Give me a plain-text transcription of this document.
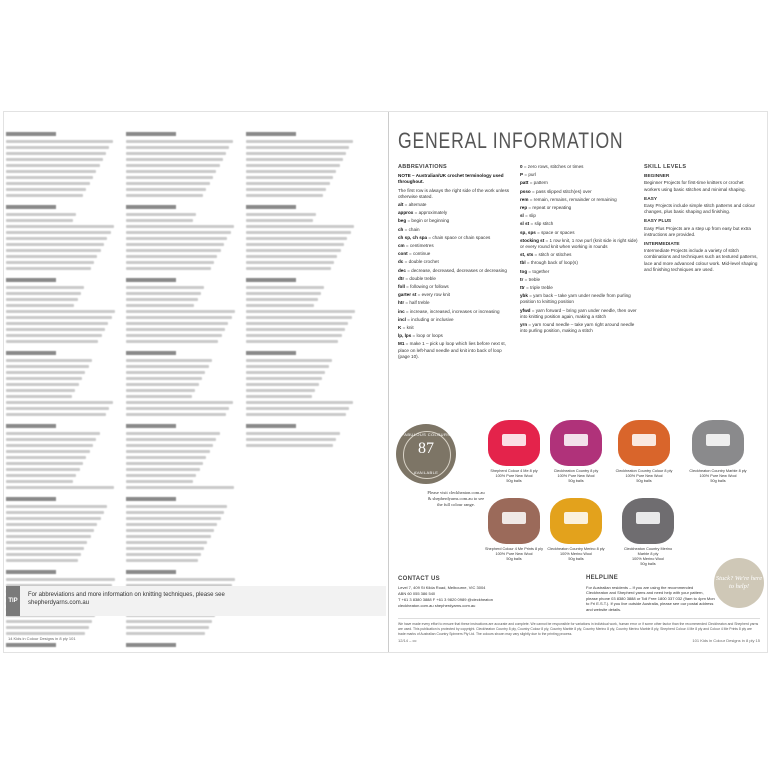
TIP
For abbreviations and more information on knitting techniques, please see shepherdyarns.com.au
14 Kids in Colour Designs in 8 ply 101
GENERAL INFORMATION
ABBREVIATIONS

NOTE – Australian/UK crochet terminology used throughout.

The first row is always the right side of the work unless otherwise stated.

alt = alternate

approx = approximately

beg = begin or beginning

ch = chain

ch sp, ch spa = chain space or chain spaces

cm = centimetres

cont = continue

dc = double crochet

dec = decrease, decreased, decreases or decreasing

dtr = double treble

foll = following or follows

garter st = every row knit

htr = half treble

inc = increase, increased, increases or increasing

incl = including or inclusive

K = knit

lp, lps = loop or loops

M1 = make 1 – pick up loop which lies before next st, place on left-hand needle and knit into back of loop (page 10).

0 = zero rows, stitches or times

P = purl

patt = pattern

psso = pass slipped stitch(es) over

rem = remain, remains, remainder or remaining

rep = repeat or repeating

sl = slip

sl st = slip stitch

sp, sps = space or spaces

stocking st = 1 row knit, 1 row purl (knit side is right side) or every round knit when working in rounds

st, sts = stitch or stitches

tbl = through back of loop(s)

tog = together

tr = treble

ttr = triple treble

ybk = yarn back – take yarn under needle from purling position to knitting position

yfwd = yarn forward – bring yarn under needle, then over into knitting position again, making a stitch

yrn = yarn round needle – take yarn right around needle into purling position, making a stitch

SKILL LEVELS
BEGINNER

Beginner Projects for first-time knitters or crochet workers using basic stitches and minimal shaping.

EASY

Easy Projects include simple stitch patterns and colour changes, plus basic shaping and finishing.

EASY PLUS

Easy Plus Projects are a step up from easy but extra instructions are provided.

INTERMEDIATE

Intermediate Projects include a variety of stitch combinations and techniques such as textured patterns, lace and more advanced colour work. Mid-level shaping and finishing techniques are used.

FABULOUS COLOURS
87
AVAILABLE
Please visit cleckheaton.com.au & shepherdyarns.com.au to see the full colour range.
Shepherd Colour 4 Me 8 ply
100% Pure New Wool
50g balls
Cleckheaton Country 8 ply
100% Pure New Wool
50g balls
Cleckheaton Country Colour 8 ply
100% Pure New Wool
50g balls
Cleckheaton Country Marble 8 ply
100% Pure New Wool
50g balls
Shepherd Colour 4 Me Prints 8 ply
100% Pure New Wool
50g balls
Cleckheaton Country Merino 8 ply
100% Merino Wool
50g balls
Cleckheaton Country Merino Marble 8 ply
100% Merino Wool
50g balls
CONTACT US
Level 7, 409 St Kilda Road, Melbourne, VIC 3004
ABN 60 055 386 540
T +61 3 8380 3888 F +61 3 9820 0989 @cleckheaton
cleckheaton.com.au shepherdyarns.com.au
HELPLINE
For Australian residents – If you are using the recommended Cleckheaton and Shepherd yarns and need help with your pattern, please phone 03 8380 3888 or Toll Free 1800 337 032 (9am to 4pm Mon to Fri E.S.T.). If you live outside Australia, please see our postal address and website details.
Stuck? We're here to help!
We have made every effort to ensure that these instructions are accurate and complete. We cannot be responsible for variations in individual work, human error or if some other factor than the recommended Cleckheaton and Shepherd yarns are used. This publication is protected by copyright. Cleckheaton Country 8 ply, Country Colour 8 ply, Country Marble 8 ply, Country Merino 8 ply, Country Merino Marble 8 ply, Shepherd Colour 4 Me 8 ply and Colour 4 Me Prints 8 ply are trade marks of Australian Country Spinners Pty Ltd. The colours shown may vary slightly due to the printing process.
12/14 – cc	101 Kids in Colour Designs in 8 ply 15
